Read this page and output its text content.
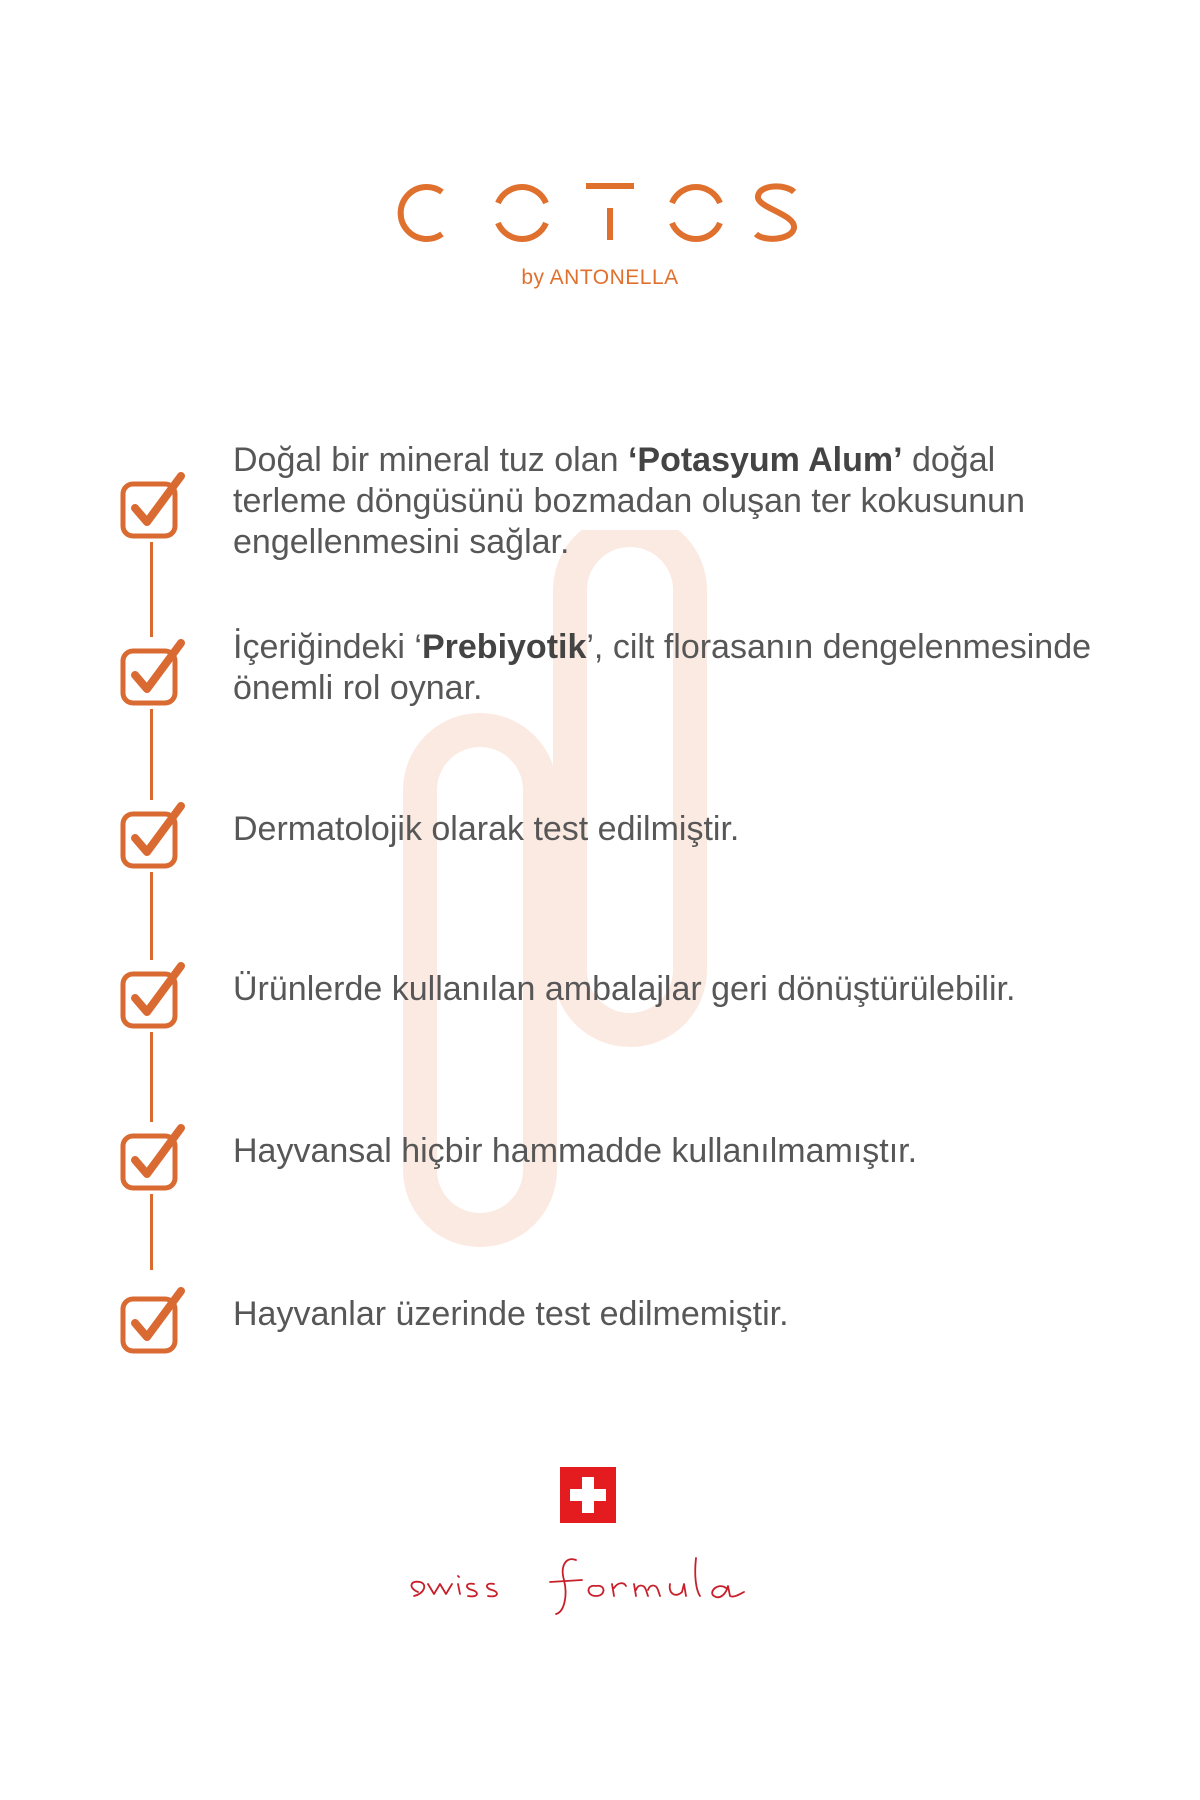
by ANTONELLA
Doğal bir mineral tuz olan ‘Potasyum Alum’ doğal terleme döngüsünü bozmadan oluşan ter kokusunun engellenmesini sağlar.
İçeriğindeki ‘Prebiyotik’, cilt florasanın dengelenmesinde önemli rol oynar.
Dermatolojik olarak test edilmiştir.
Ürünlerde kullanılan ambalajlar geri dönüştürülebilir.
Hayvansal hiçbir hammadde kullanılmamıştır.
Hayvanlar üzerinde test edilmemiştir.
